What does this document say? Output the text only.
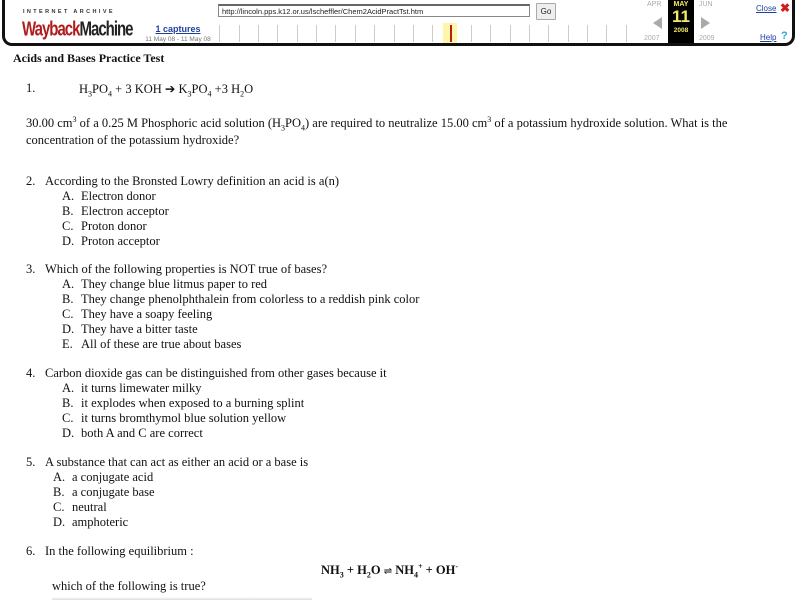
INTERNET ARCHIVE
WaybackMachine	1 captures
11 May 08 - 11 May 08
http://lincoln.pps.k12.or.us/lscheffler/Chem2AcidPractTst.htm	Go
APR	JUN
MAY
11
2008
2007	2009
Close ✖
Help ?
Acids and Bases Practice Test
1.	$H_3PO_4 + 3$ KOH ➔ $K_3PO_4 +3$ $H_2O$
30.00 $cm^3$ of a 0.25 M Phosphoric acid solution $(H_3PO_4)$ are required to neutralize 15.00 $cm^3$ of a potassium hydroxide solution. What is the concentration of the potassium hydroxide?
2. According to the Bronsted Lowry definition an acid is a(n)
A. Electron donor
B. Electron acceptor
C. Proton donor
D. Proton acceptor
3. Which of the following properties is NOT true of bases?
A. They change blue litmus paper to red
B. They change phenolphthalein from colorless to a reddish pink color
C. They have a soapy feeling
D. They have a bitter taste
E. All of these are true about bases
4. Carbon dioxide gas can be distinguished from other gases because it
A. it turns limewater milky
B. it explodes when exposed to a burning splint
C. it turns bromthymol blue solution yellow
D. both A and C are correct
5. A substance that can act as either an acid or a base is
A. a conjugate acid
B. a conjugate base
C. neutral
D. amphoteric
6. In the following equilibrium :
$NH_3 + H_2O$ ⇌ $NH_4^+ + OH^-$
which of the following is true?
